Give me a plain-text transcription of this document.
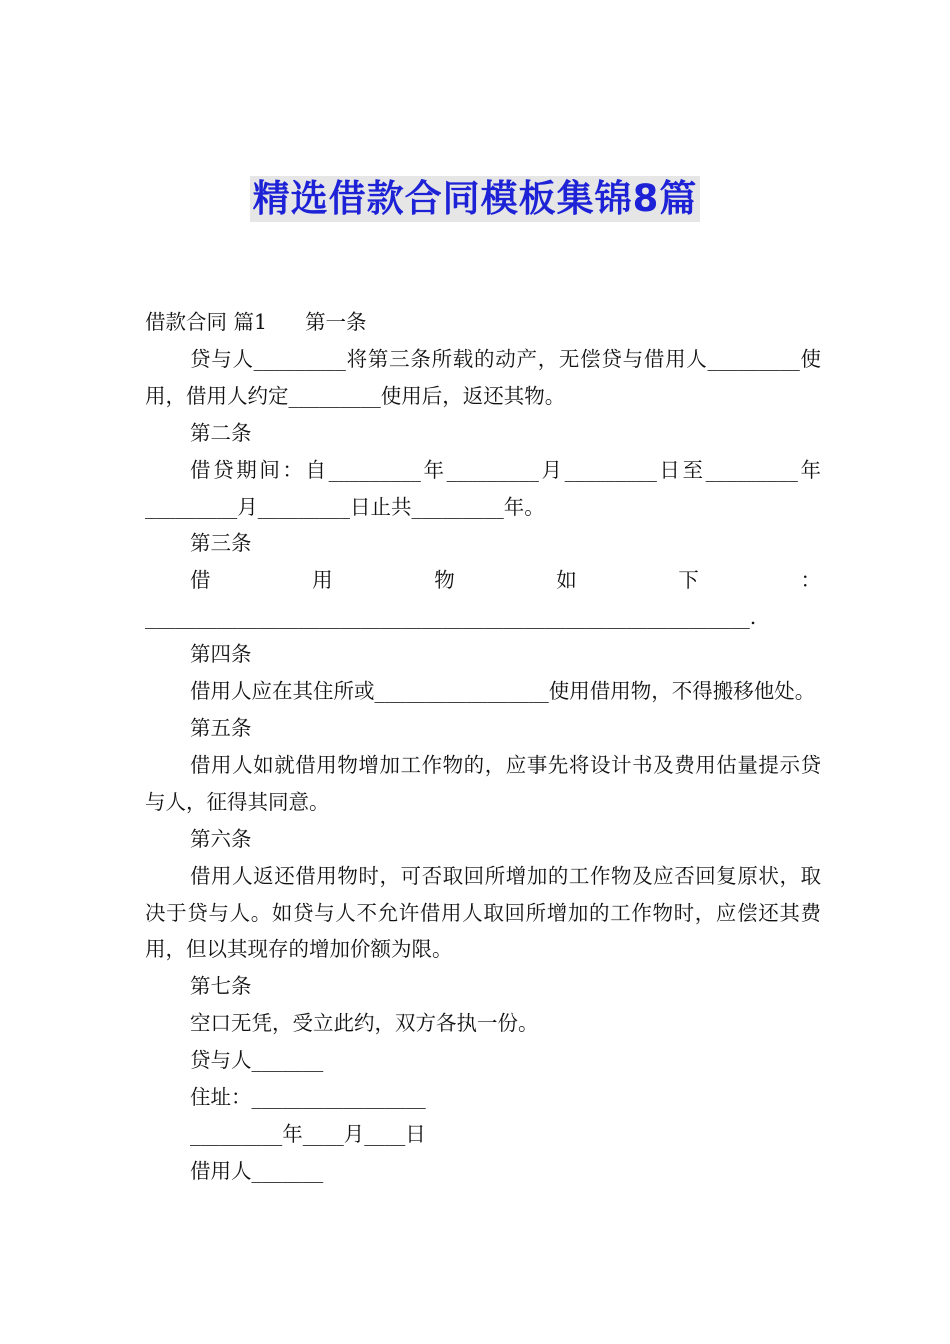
精选借款合同模板集锦8篇

借款合同 篇1 第一条

贷与人_________将第三条所载的动产，无偿贷与借用人_________使用，借用人约定_________使用后，返还其物。

第二条

借贷期间：自_________年_________月_________日至_________年_________月_________日止共_________年。

第三条

借用物如下：___________________________________________________________.

第四条

借用人应在其住所或_________________使用借用物，不得搬移他处。

第五条

借用人如就借用物增加工作物的，应事先将设计书及费用估量提示贷与人，征得其同意。

第六条

借用人返还借用物时，可否取回所增加的工作物及应否回复原状，取决于贷与人。如贷与人不允许借用人取回所增加的工作物时，应偿还其费用，但以其现存的增加价额为限。

第七条

空口无凭，受立此约，双方各执一份。

贷与人_______

住址：_________________

_________年____月____日

借用人_______
